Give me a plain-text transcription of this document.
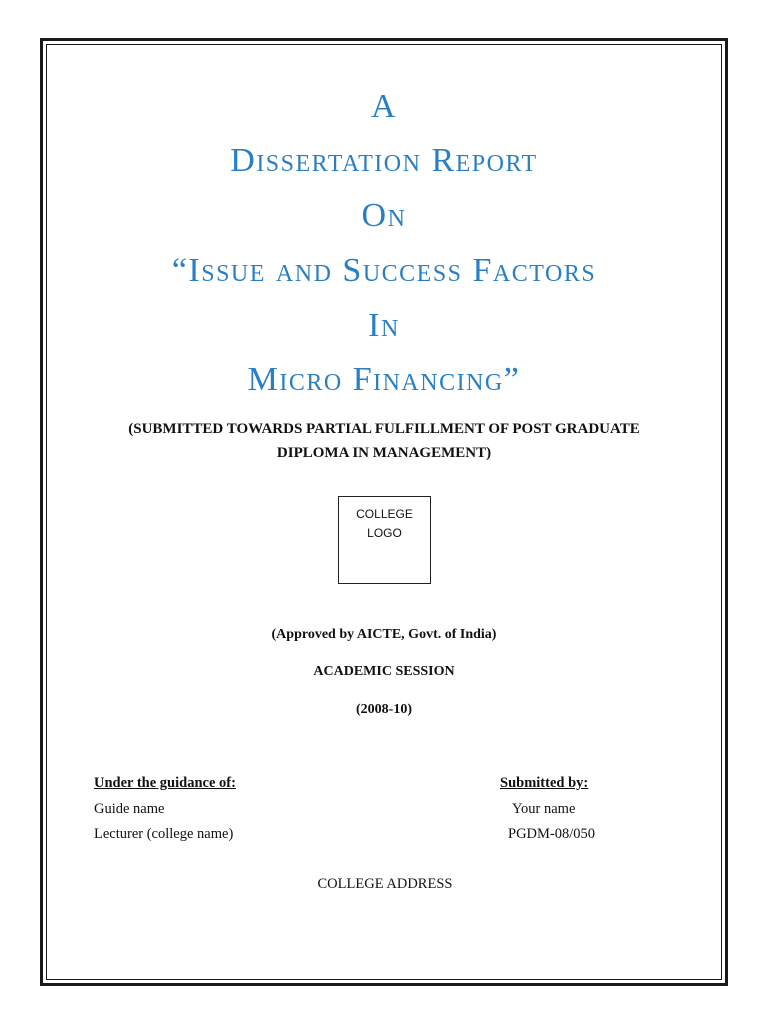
A
Dissertation Report
On
“Issue and Success Factors
In
Micro Financing”
(SUBMITTED TOWARDS PARTIAL FULFILLMENT OF POST GRADUATE
DIPLOMA IN MANAGEMENT)
COLLEGE
LOGO
(Approved by AICTE, Govt. of India)
ACADEMIC SESSION
(2008-10)
Under the guidance of:
Guide name
Lecturer (college name)
Submitted by:
Your name
PGDM-08/050
COLLEGE ADDRESS
